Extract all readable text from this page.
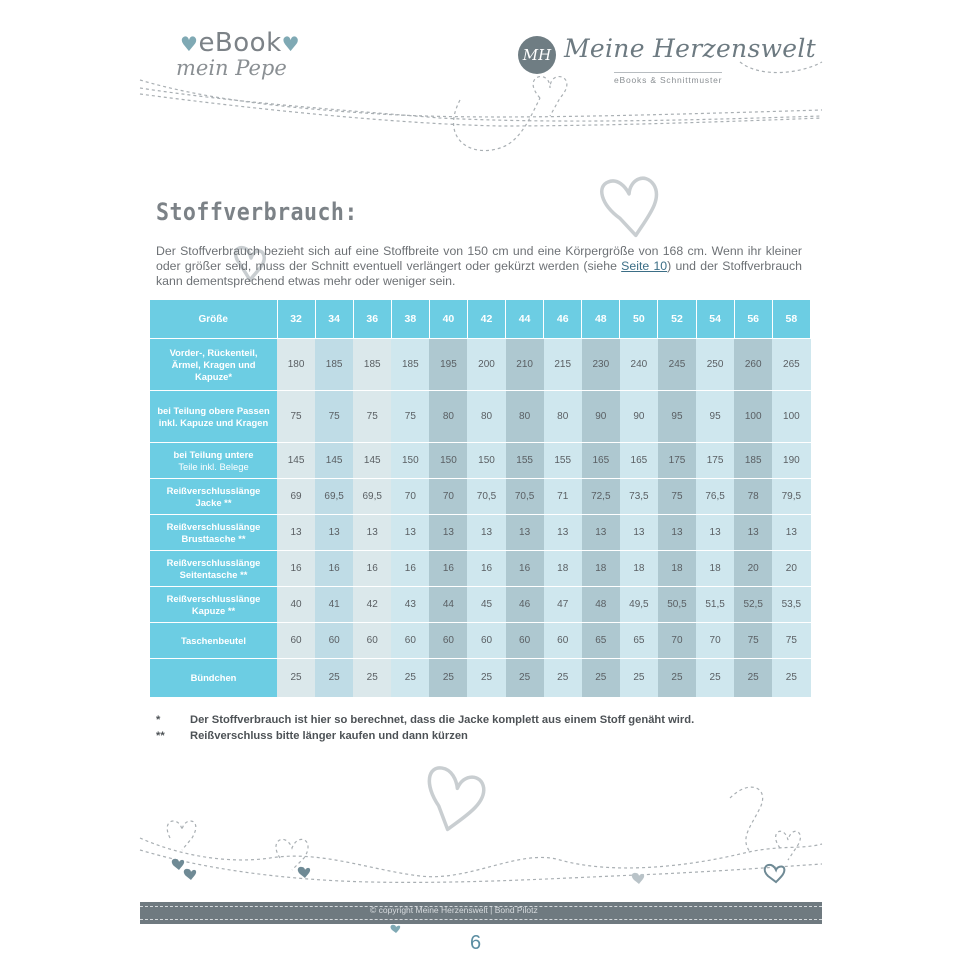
♥eBook♥
mein Pepe
MH Meine Herzenswelt
eBooks & Schnittmuster
Stoffverbrauch:

Der Stoffverbrauch bezieht sich auf eine Stoffbreite von 150 cm und eine Körpergröße von 168 cm. Wenn ihr kleiner oder größer seid, muss der Schnitt eventuell verlängert oder gekürzt werden (siehe Seite 10) und der Stoffverbrauch kann dementsprechend etwas mehr oder weniger sein.

Größe	32	34	36	38	40	42	44	46	48	50	52	54	56	58
Vorder-, Rückenteil, Ärmel, Kragen und Kapuze*	180	185	185	185	195	200	210	215	230	240	245	250	260	265
bei Teilung obere Passen inkl. Kapuze und Kragen	75	75	75	75	80	80	80	80	90	90	95	95	100	100
bei Teilung untere
Teile inkl. Belege	145	145	145	150	150	150	155	155	165	165	175	175	185	190
Reißverschlusslänge Jacke **	69	69,5	69,5	70	70	70,5	70,5	71	72,5	73,5	75	76,5	78	79,5
Reißverschlusslänge Brusttasche **	13	13	13	13	13	13	13	13	13	13	13	13	13	13
Reißverschlusslänge Seitentasche **	16	16	16	16	16	16	16	18	18	18	18	18	20	20
Reißverschlusslänge Kapuze **	40	41	42	43	44	45	46	47	48	49,5	50,5	51,5	52,5	53,5
Taschenbeutel	60	60	60	60	60	60	60	60	65	65	70	70	75	75
Bündchen	25	25	25	25	25	25	25	25	25	25	25	25	25	25
*	Der Stoffverbrauch ist hier so berechnet, dass die Jacke komplett aus einem Stoff genäht wird.
**	Reißverschluss bitte länger kaufen und dann kürzen
© copyright Meine Herzenswelt | Bond Pilotz
6
